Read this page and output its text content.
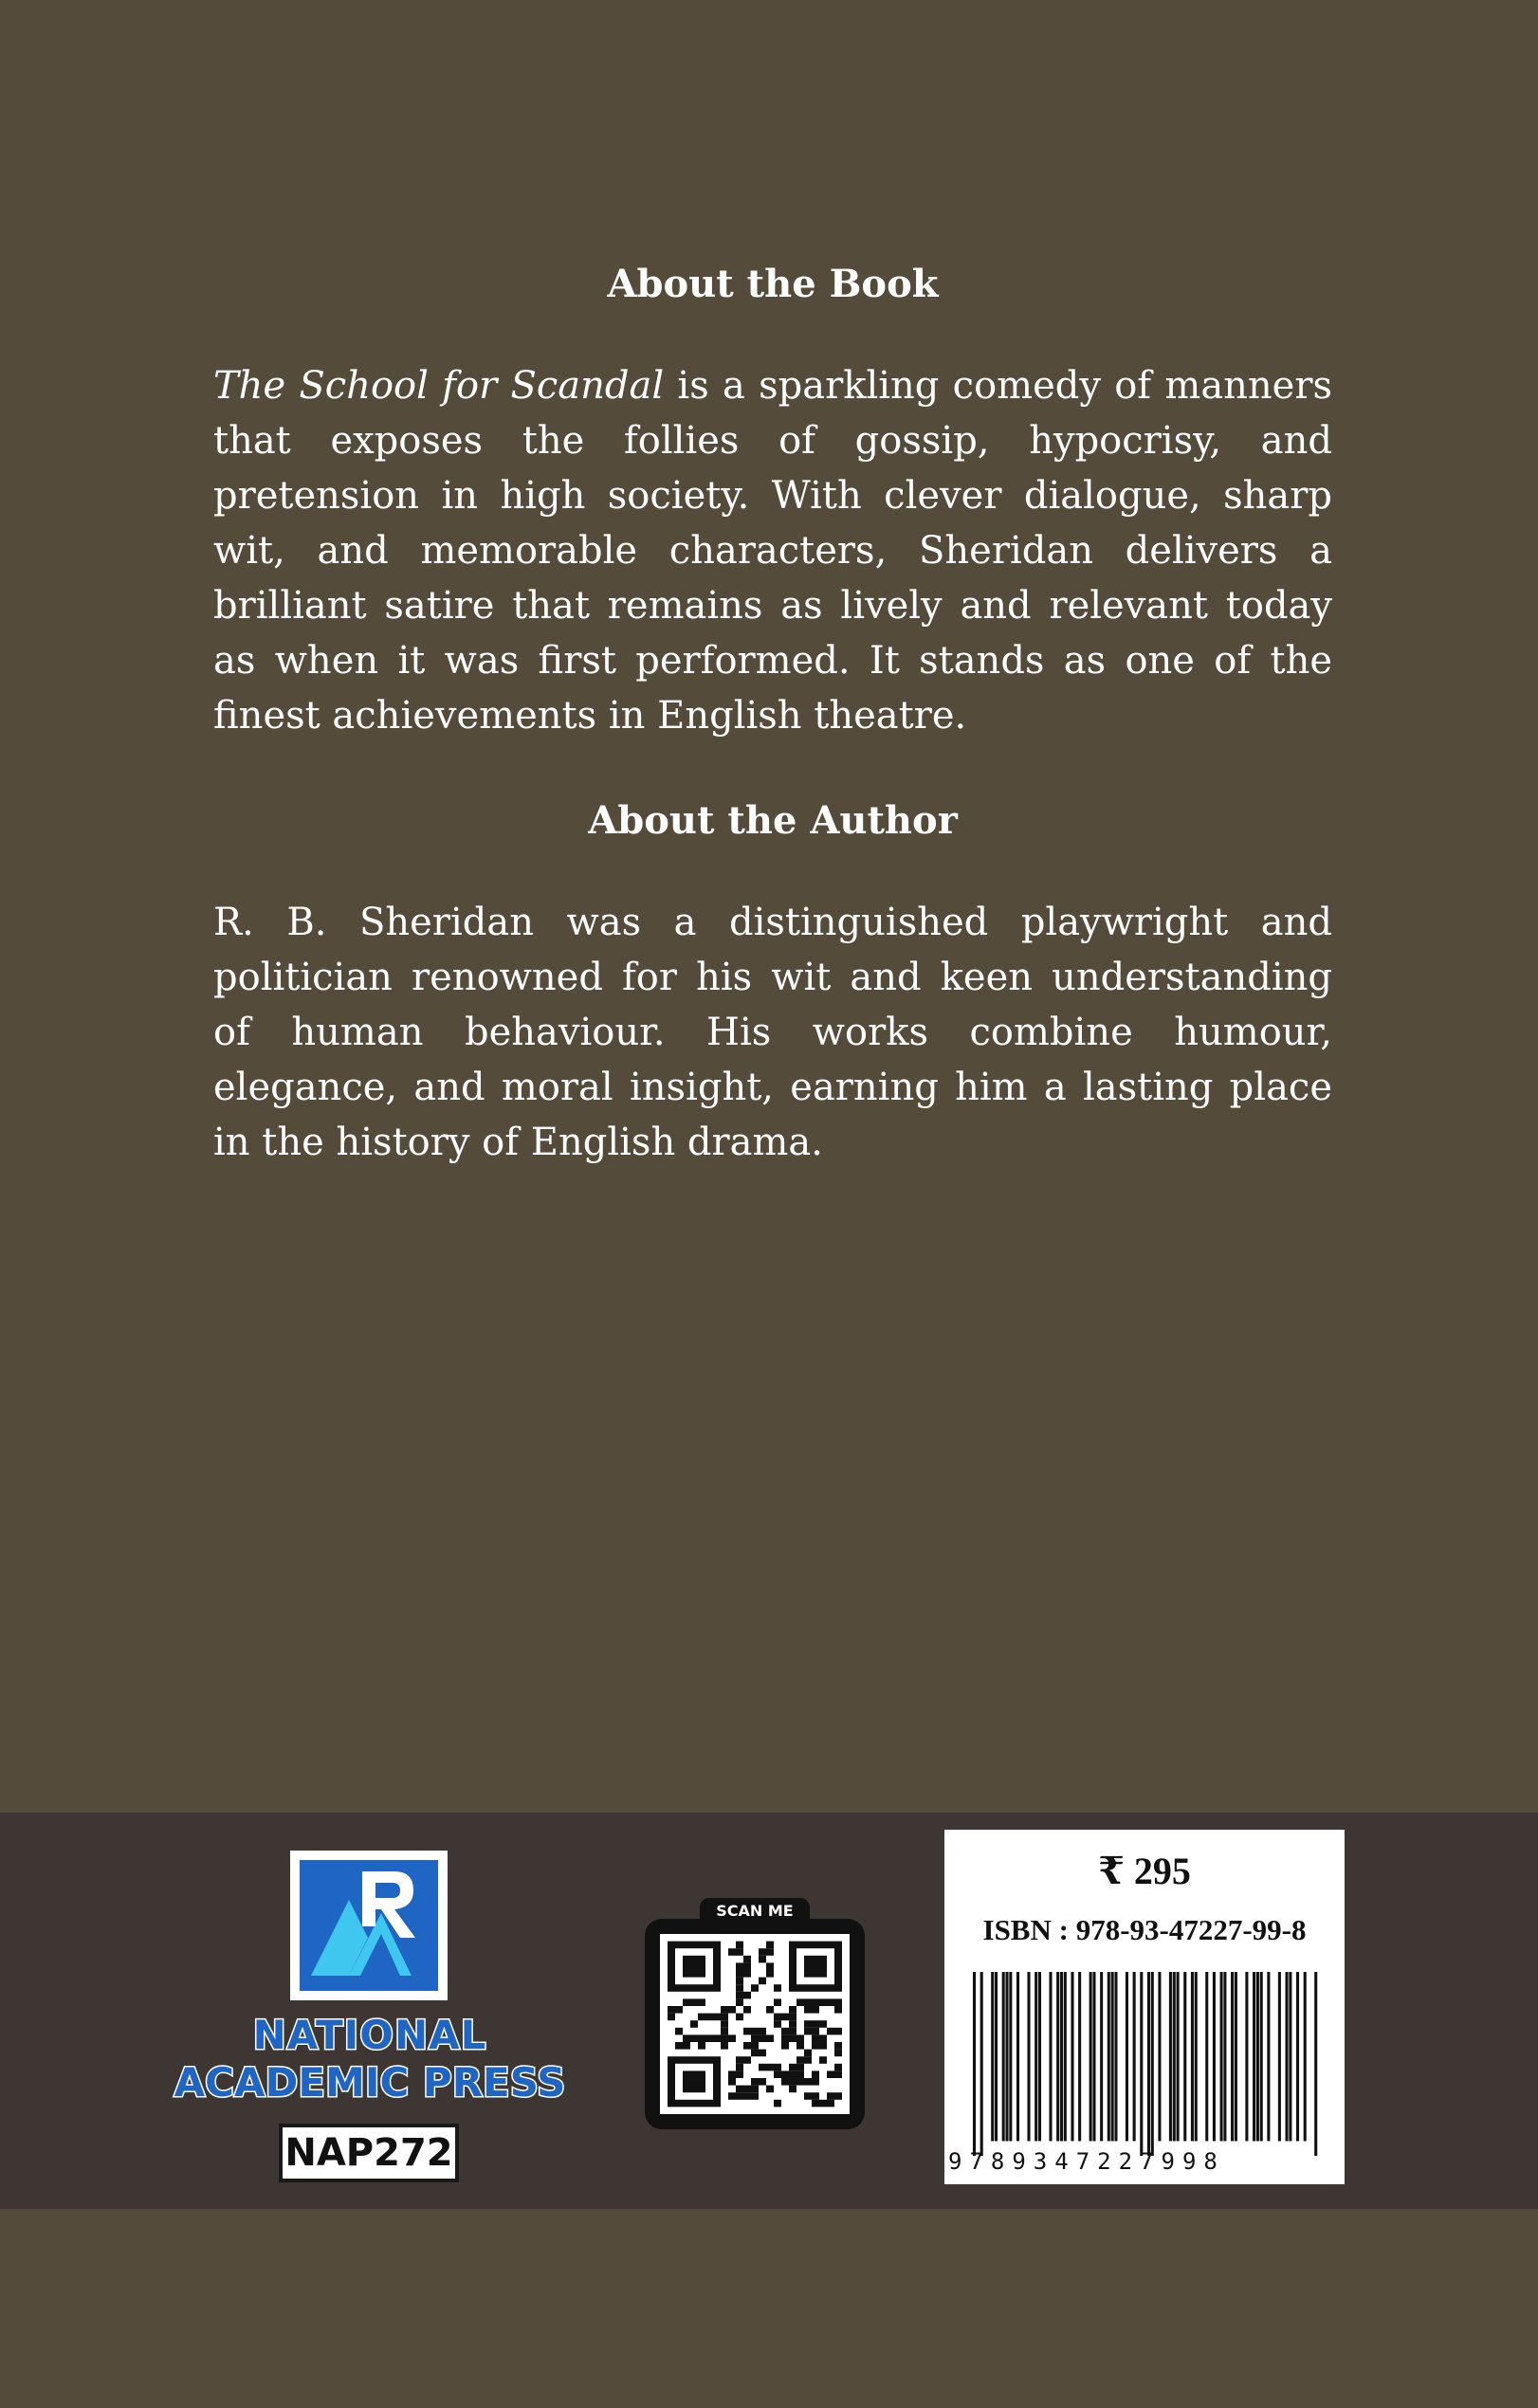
About the Book

The School for Scandal is a sparkling comedy of manners that exposes the follies of gossip, hypocrisy, and pretension in high society. With clever dialogue, sharp wit, and memorable characters, Sheridan delivers a brilliant satire that remains as lively and relevant today as when it was first performed. It stands as one of the finest achievements in English theatre.

About the Author

R. B. Sheridan was a distinguished playwright and politician renowned for his wit and keen understanding of human behaviour. His works combine humour, elegance, and moral insight, earning him a lasting place in the history of English drama.

NATIONAL
ACADEMIC PRESS
NAP272
SCAN ME
₹ 295
ISBN : 978-93-47227-99-8
9789347227998
